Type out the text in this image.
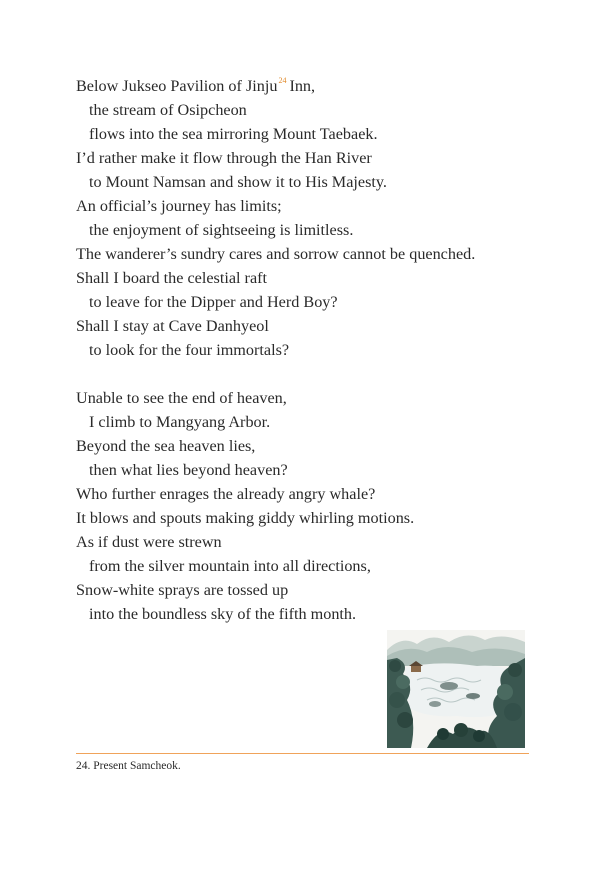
Below Jukseo Pavilion of Jinju$^{24}$ Inn,
the stream of Osipcheon
flows into the sea mirroring Mount Taebaek.
I’d rather make it flow through the Han River
to Mount Namsan and show it to His Majesty.
An official’s journey has limits;
the enjoyment of sightseeing is limitless.
The wanderer’s sundry cares and sorrow cannot be quenched.
Shall I board the celestial raft
to leave for the Dipper and Herd Boy?
Shall I stay at Cave Danhyeol
to look for the four immortals?
Unable to see the end of heaven,
I climb to Mangyang Arbor.
Beyond the sea heaven lies,
then what lies beyond heaven?
Who further enrages the already angry whale?
It blows and spouts making giddy whirling motions.
As if dust were strewn
from the silver mountain into all directions,
Snow-white sprays are tossed up
into the boundless sky of the fifth month.
24. Present Samcheok.
